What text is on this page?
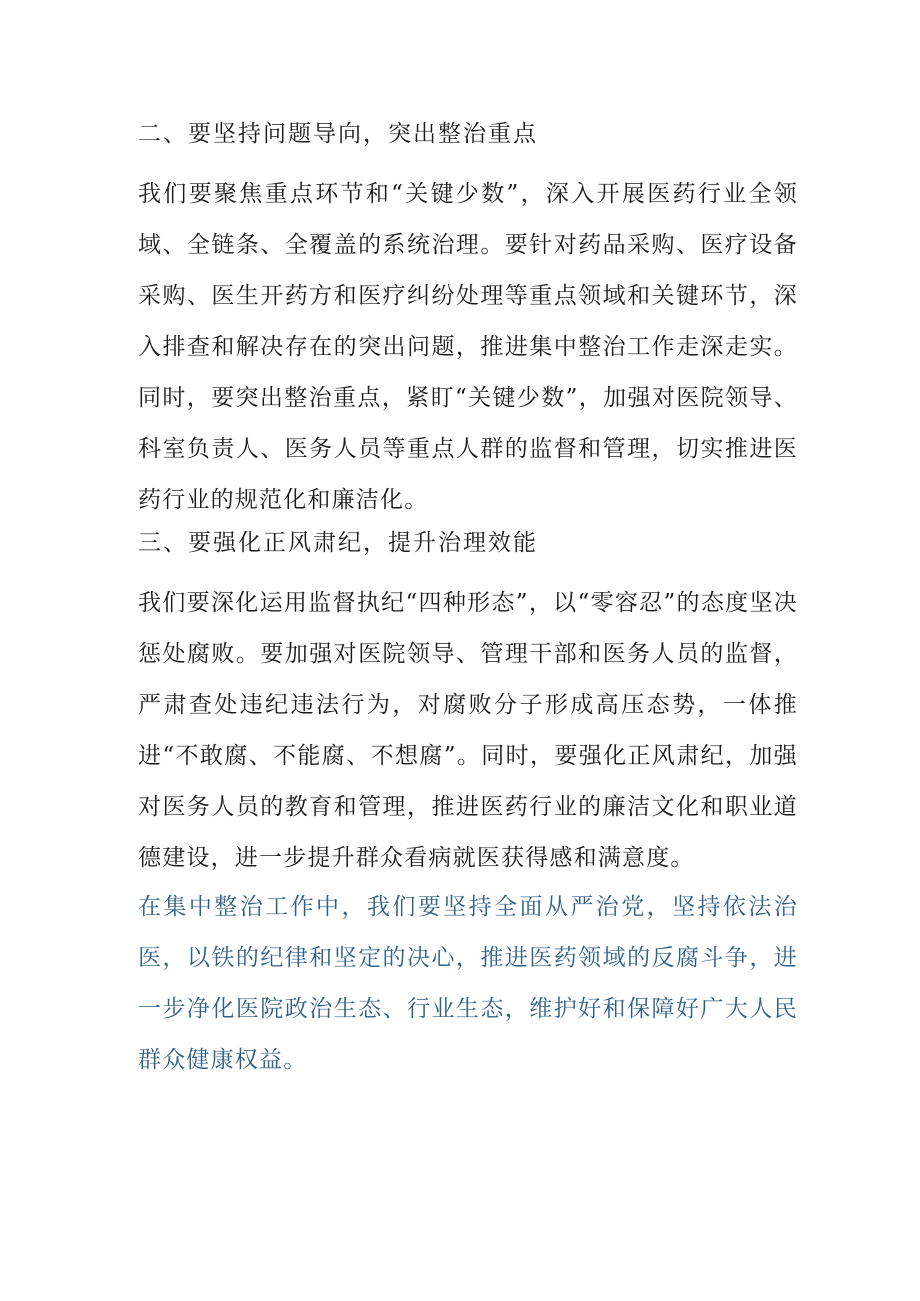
二、要坚持问题导向，突出整治重点
我们要聚焦重点环节和“关键少数”，深入开展医药行业全领域、全链条、全覆盖的系统治理。要针对药品采购、医疗设备采购、医生开药方和医疗纠纷处理等重点领域和关键环节，深入排查和解决存在的突出问题，推进集中整治工作走深走实。同时，要突出整治重点，紧盯“关键少数”，加强对医院领导、科室负责人、医务人员等重点人群的监督和管理，切实推进医药行业的规范化和廉洁化。
三、要强化正风肃纪，提升治理效能
我们要深化运用监督执纪“四种形态”，以“零容忍”的态度坚决惩处腐败。要加强对医院领导、管理干部和医务人员的监督，严肃查处违纪违法行为，对腐败分子形成高压态势，一体推进“不敢腐、不能腐、不想腐”。同时，要强化正风肃纪，加强对医务人员的教育和管理，推进医药行业的廉洁文化和职业道德建设，进一步提升群众看病就医获得感和满意度。
在集中整治工作中，我们要坚持全面从严治党，坚持依法治医，以铁的纪律和坚定的决心，推进医药领域的反腐斗争，进一步净化医院政治生态、行业生态，维护好和保障好广大人民群众健康权益。
